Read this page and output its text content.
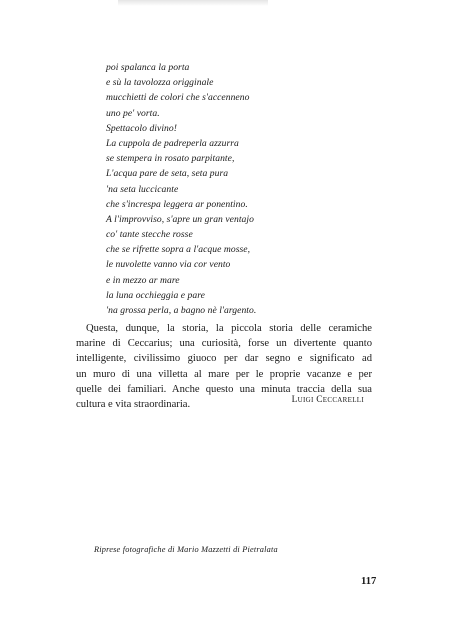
poi spalanca la porta
e sù la tavolozza origginale
mucchietti de colori che s'accenneno
uno pe' vorta.
Spettacolo divino!
La cuppola de padreperla azzurra
se stempera in rosato parpitante,
L'acqua pare de seta, seta pura
'na seta luccicante
che s'increspa leggera ar ponentino.
A l'improvviso, s'apre un gran ventajo
co' tante stecche rosse
che se rifrette sopra a l'acque mosse,
le nuvolette vanno via cor vento
e in mezzo ar mare
la luna occhieggia e pare
'na grossa perla, a bagno nè l'argento.

Questa, dunque, la storia, la piccola storia delle ceramiche
marine di Ceccarius; una curiosità, forse un divertente quanto
intelligente, civilissimo giuoco per dar segno e significato ad
un muro di una villetta al mare per le proprie vacanze e per
quelle dei familiari. Anche questo una minuta traccia della sua
cultura e vita straordinaria.	Luigi Ceccarelli
Riprese fotografiche di Mario Mazzetti di Pietralata
117
